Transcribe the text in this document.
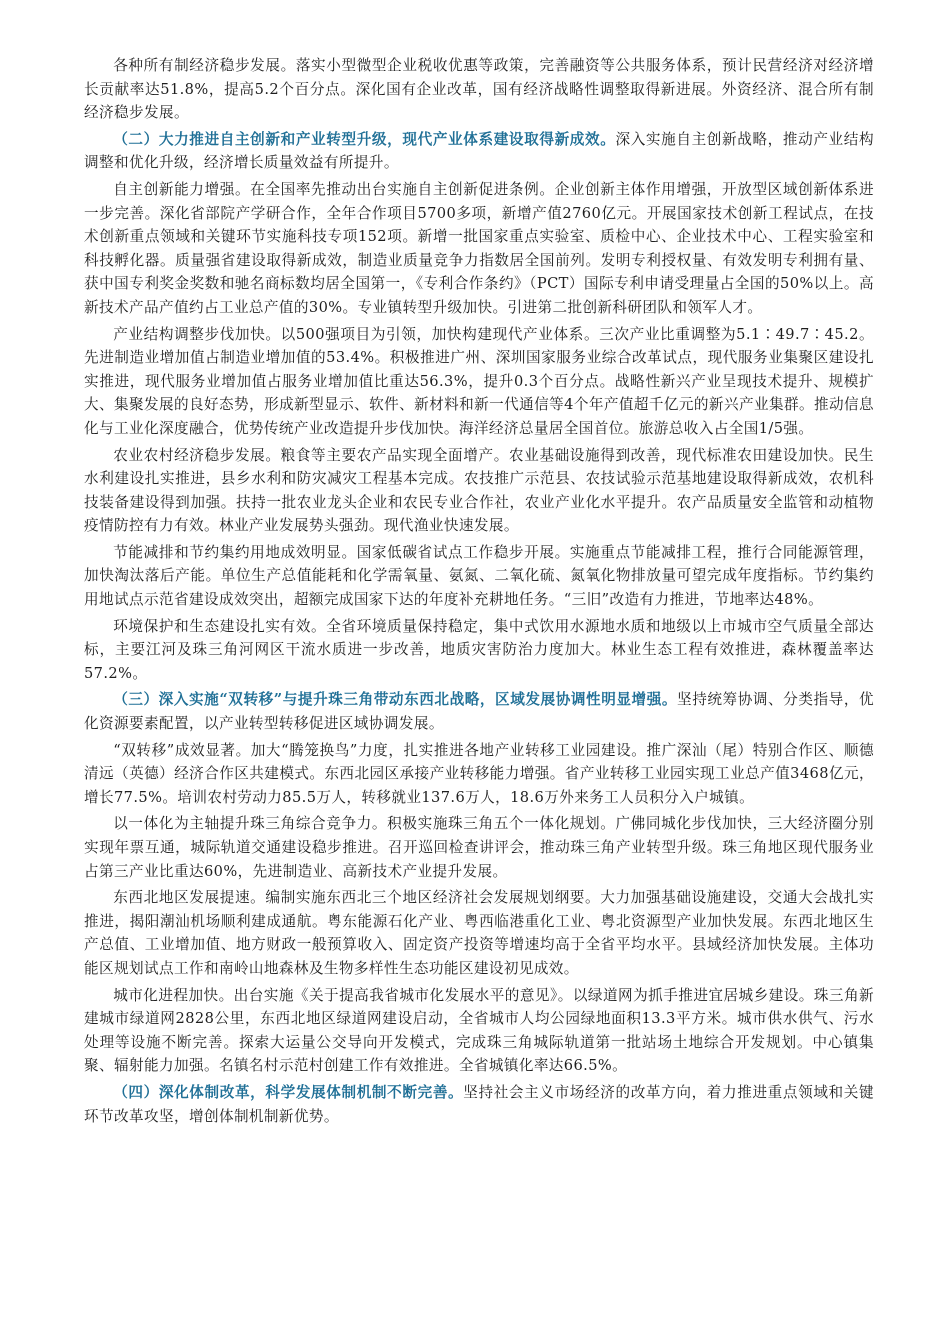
各种所有制经济稳步发展。落实小型微型企业税收优惠等政策，完善融资等公共服务体系，预计民营经济对经济增长贡献率达51.8%，提高5.2个百分点。深化国有企业改革，国有经济战略性调整取得新进展。外资经济、混合所有制经济稳步发展。

（二）大力推进自主创新和产业转型升级，现代产业体系建设取得新成效。深入实施自主创新战略，推动产业结构调整和优化升级，经济增长质量效益有所提升。

自主创新能力增强。在全国率先推动出台实施自主创新促进条例。企业创新主体作用增强，开放型区域创新体系进一步完善。深化省部院产学研合作，全年合作项目5700多项，新增产值2760亿元。开展国家技术创新工程试点，在技术创新重点领域和关键环节实施科技专项152项。新增一批国家重点实验室、质检中心、企业技术中心、工程实验室和科技孵化器。质量强省建设取得新成效，制造业质量竞争力指数居全国前列。发明专利授权量、有效发明专利拥有量、获中国专利奖金奖数和驰名商标数均居全国第一，《专利合作条约》（PCT）国际专利申请受理量占全国的50%以上。高新技术产品产值约占工业总产值的30%。专业镇转型升级加快。引进第二批创新科研团队和领军人才。

产业结构调整步伐加快。以500强项目为引领，加快构建现代产业体系。三次产业比重调整为5.1∶49.7∶45.2。先进制造业增加值占制造业增加值的53.4%。积极推进广州、深圳国家服务业综合改革试点，现代服务业集聚区建设扎实推进，现代服务业增加值占服务业增加值比重达56.3%，提升0.3个百分点。战略性新兴产业呈现技术提升、规模扩大、集聚发展的良好态势，形成新型显示、软件、新材料和新一代通信等4个年产值超千亿元的新兴产业集群。推动信息化与工业化深度融合，优势传统产业改造提升步伐加快。海洋经济总量居全国首位。旅游总收入占全国1/5强。

农业农村经济稳步发展。粮食等主要农产品实现全面增产。农业基础设施得到改善，现代标准农田建设加快。民生水利建设扎实推进，县乡水利和防灾减灾工程基本完成。农技推广示范县、农技试验示范基地建设取得新成效，农机科技装备建设得到加强。扶持一批农业龙头企业和农民专业合作社，农业产业化水平提升。农产品质量安全监管和动植物疫情防控有力有效。林业产业发展势头强劲。现代渔业快速发展。

节能减排和节约集约用地成效明显。国家低碳省试点工作稳步开展。实施重点节能减排工程，推行合同能源管理，加快淘汰落后产能。单位生产总值能耗和化学需氧量、氨氮、二氧化硫、氮氧化物排放量可望完成年度指标。节约集约用地试点示范省建设成效突出，超额完成国家下达的年度补充耕地任务。“三旧”改造有力推进，节地率达48%。

环境保护和生态建设扎实有效。全省环境质量保持稳定，集中式饮用水源地水质和地级以上市城市空气质量全部达标，主要江河及珠三角河网区干流水质进一步改善，地质灾害防治力度加大。林业生态工程有效推进，森林覆盖率达57.2%。

（三）深入实施“双转移”与提升珠三角带动东西北战略，区域发展协调性明显增强。坚持统筹协调、分类指导，优化资源要素配置，以产业转型转移促进区域协调发展。

“双转移”成效显著。加大“腾笼换鸟”力度，扎实推进各地产业转移工业园建设。推广深汕（尾）特别合作区、顺德清远（英德）经济合作区共建模式。东西北园区承接产业转移能力增强。省产业转移工业园实现工业总产值3468亿元，增长77.5%。培训农村劳动力85.5万人，转移就业137.6万人，18.6万外来务工人员积分入户城镇。

以一体化为主轴提升珠三角综合竞争力。积极实施珠三角五个一体化规划。广佛同城化步伐加快，三大经济圈分别实现年票互通，城际轨道交通建设稳步推进。召开巡回检查讲评会，推动珠三角产业转型升级。珠三角地区现代服务业占第三产业比重达60%，先进制造业、高新技术产业提升发展。

东西北地区发展提速。编制实施东西北三个地区经济社会发展规划纲要。大力加强基础设施建设，交通大会战扎实推进，揭阳潮汕机场顺利建成通航。粤东能源石化产业、粤西临港重化工业、粤北资源型产业加快发展。东西北地区生产总值、工业增加值、地方财政一般预算收入、固定资产投资等增速均高于全省平均水平。县域经济加快发展。主体功能区规划试点工作和南岭山地森林及生物多样性生态功能区建设初见成效。

城市化进程加快。出台实施《关于提高我省城市化发展水平的意见》。以绿道网为抓手推进宜居城乡建设。珠三角新建城市绿道网2828公里，东西北地区绿道网建设启动，全省城市人均公园绿地面积13.3平方米。城市供水供气、污水处理等设施不断完善。探索大运量公交导向开发模式，完成珠三角城际轨道第一批站场土地综合开发规划。中心镇集聚、辐射能力加强。名镇名村示范村创建工作有效推进。全省城镇化率达66.5%。

（四）深化体制改革，科学发展体制机制不断完善。坚持社会主义市场经济的改革方向，着力推进重点领域和关键环节改革攻坚，增创体制机制新优势。
